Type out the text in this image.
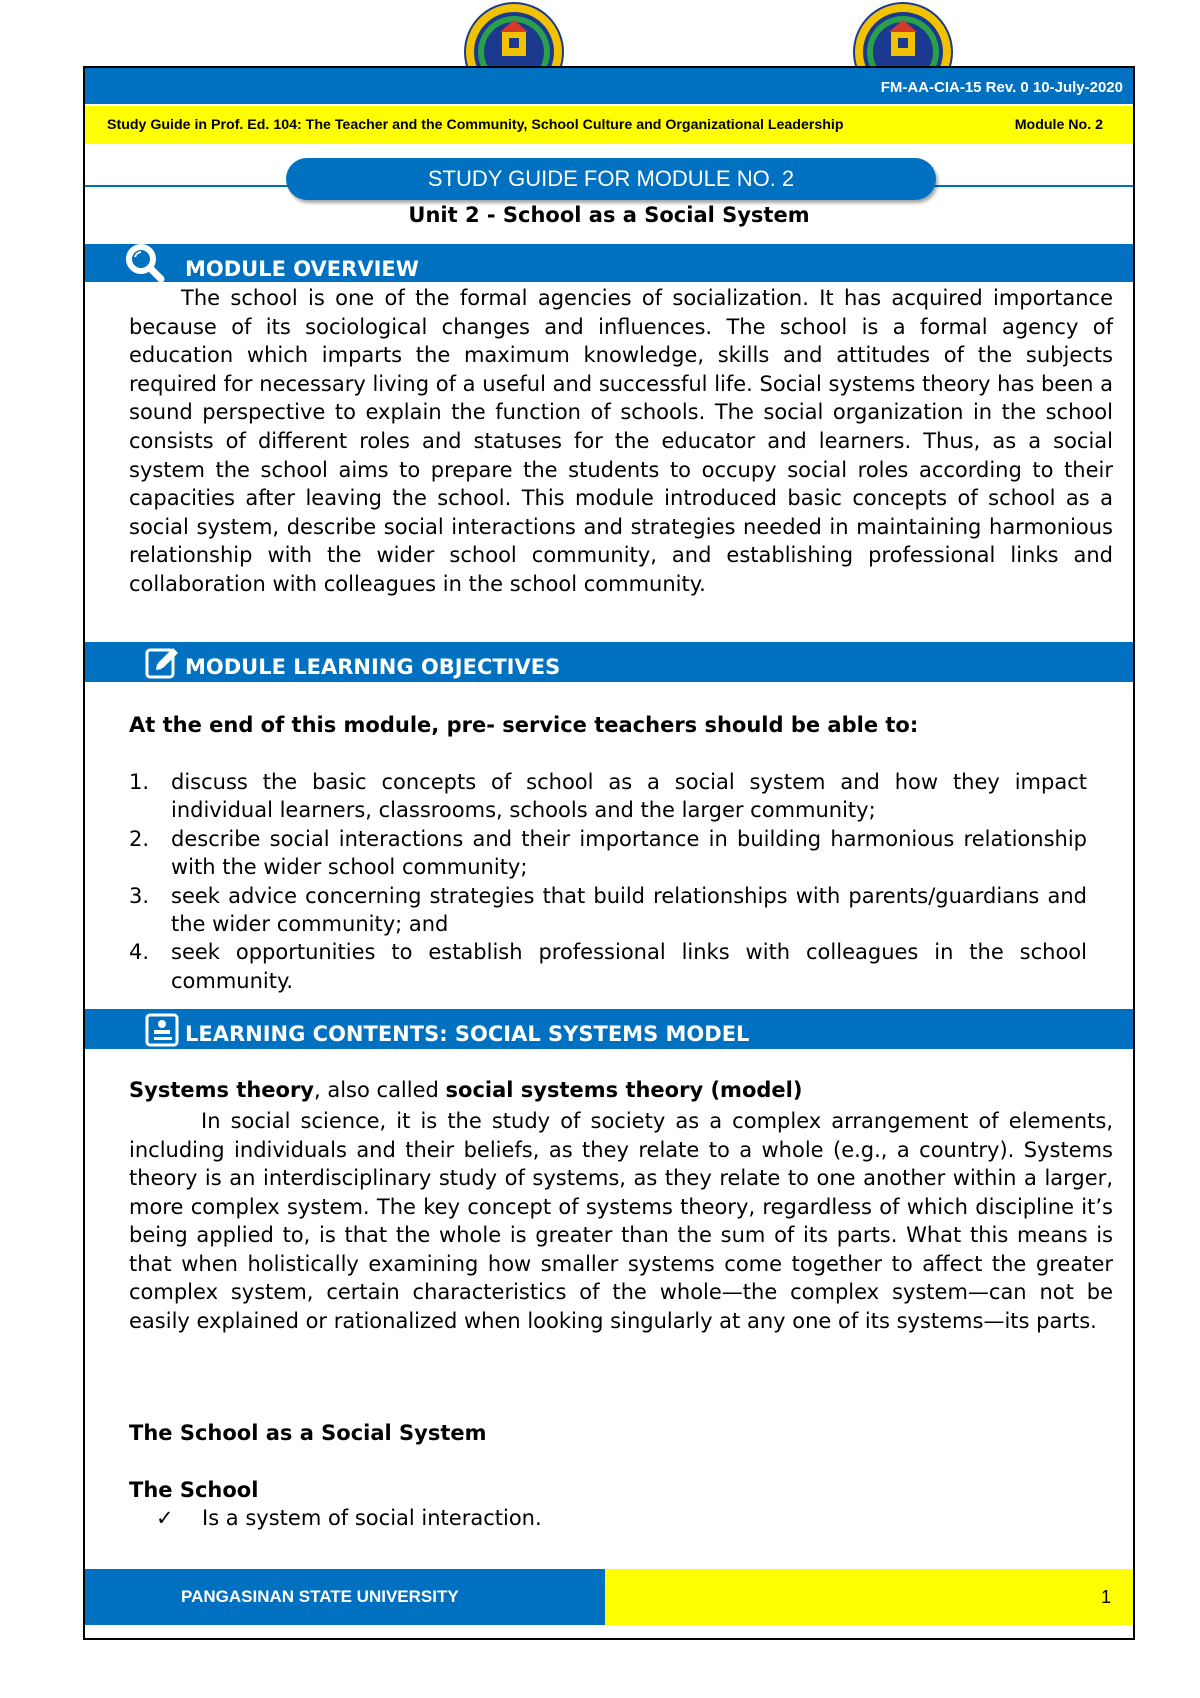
FM-AA-CIA-15 Rev. 0 10-July-2020
Study Guide in Prof. Ed. 104: The Teacher and the Community, School Culture and Organizational Leadership	Module No. 2
STUDY GUIDE FOR MODULE NO. 2
Unit 2 - School as a Social System
MODULE OVERVIEW
The school is one of the formal agencies of socialization. It has acquired importance because of its sociological changes and influences. The school is a formal agency of education which imparts the maximum knowledge, skills and attitudes of the subjects required for necessary living of a useful and successful life. Social systems theory has been a sound perspective to explain the function of schools. The social organization in the school consists of different roles and statuses for the educator and learners. Thus, as a social system the school aims to prepare the students to occupy social roles according to their capacities after leaving the school. This module introduced basic concepts of school as a social system, describe social interactions and strategies needed in maintaining harmonious relationship with the wider school community, and establishing professional links and collaboration with colleagues in the school community.
MODULE LEARNING OBJECTIVES
At the end of this module, pre- service teachers should be able to:
1. discuss the basic concepts of school as a social system and how they impact individual learners, classrooms, schools and the larger community;
2. describe social interactions and their importance in building harmonious relationship with the wider school community;
3. seek advice concerning strategies that build relationships with parents/guardians and the wider community; and
4. seek opportunities to establish professional links with colleagues in the school community.
LEARNING CONTENTS: SOCIAL SYSTEMS MODEL
Systems theory, also called social systems theory (model)
In social science, it is the study of society as a complex arrangement of elements, including individuals and their beliefs, as they relate to a whole (e.g., a country). Systems theory is an interdisciplinary study of systems, as they relate to one another within a larger, more complex system. The key concept of systems theory, regardless of which discipline it’s being applied to, is that the whole is greater than the sum of its parts. What this means is that when holistically examining how smaller systems come together to affect the greater complex system, certain characteristics of the whole—the complex system—can not be easily explained or rationalized when looking singularly at any one of its systems—its parts.
The School as a Social System
The School
✓ Is a system of social interaction.
PANGASINAN STATE UNIVERSITY	1
